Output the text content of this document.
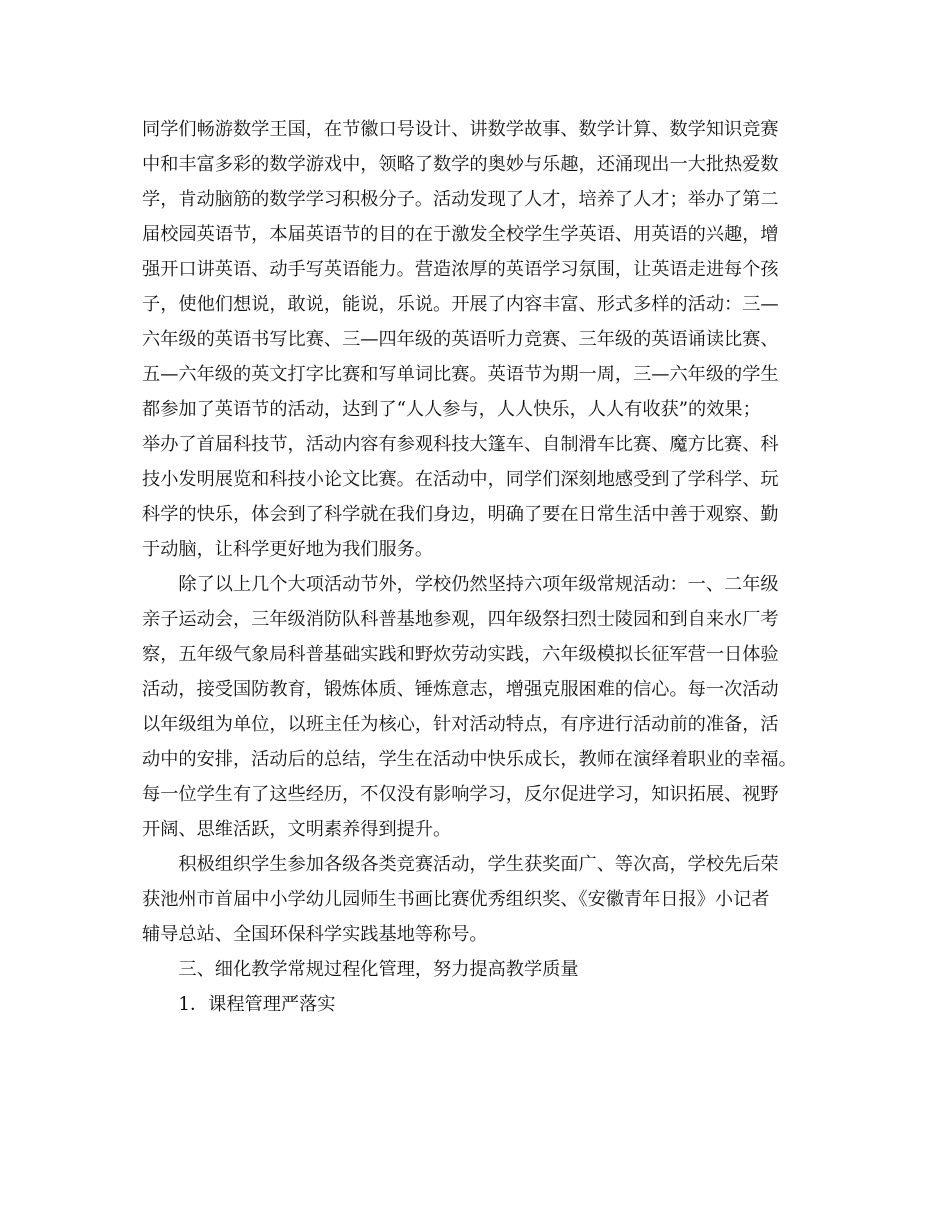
同学们畅游数学王国，在节徽口号设计、讲数学故事、数学计算、数学知识竞赛
中和丰富多彩的数学游戏中，领略了数学的奥妙与乐趣，还涌现出一大批热爱数
学，肯动脑筋的数学学习积极分子。活动发现了人才，培养了人才；举办了第二
届校园英语节，本届英语节的目的在于激发全校学生学英语、用英语的兴趣，增
强开口讲英语、动手写英语能力。营造浓厚的英语学习氛围，让英语走进每个孩
子，使他们想说，敢说，能说，乐说。开展了内容丰富、形式多样的活动：三—
六年级的英语书写比赛、三—四年级的英语听力竞赛、三年级的英语诵读比赛、
五—六年级的英文打字比赛和写单词比赛。英语节为期一周，三—六年级的学生
都参加了英语节的活动，达到了“人人参与，人人快乐，人人有收获”的效果；
举办了首届科技节，活动内容有参观科技大篷车、自制滑车比赛、魔方比赛、科
技小发明展览和科技小论文比赛。在活动中，同学们深刻地感受到了学科学、玩
科学的快乐，体会到了科学就在我们身边，明确了要在日常生活中善于观察、勤
于动脑，让科学更好地为我们服务。
　　除了以上几个大项活动节外，学校仍然坚持六项年级常规活动：一、二年级
亲子运动会，三年级消防队科普基地参观，四年级祭扫烈士陵园和到自来水厂考
察，五年级气象局科普基础实践和野炊劳动实践，六年级模拟长征军营一日体验
活动，接受国防教育，锻炼体质、锤炼意志，增强克服困难的信心。每一次活动
以年级组为单位，以班主任为核心，针对活动特点，有序进行活动前的准备，活
动中的安排，活动后的总结，学生在活动中快乐成长，教师在演绎着职业的幸福。
每一位学生有了这些经历，不仅没有影响学习，反尔促进学习，知识拓展、视野
开阔、思维活跃，文明素养得到提升。
　　积极组织学生参加各级各类竞赛活动，学生获奖面广、等次高，学校先后荣
获池州市首届中小学幼儿园师生书画比赛优秀组织奖、《安徽青年日报》小记者
辅导总站、全国环保科学实践基地等称号。
　　三、细化教学常规过程化管理，努力提高教学质量
　　1．课程管理严落实
